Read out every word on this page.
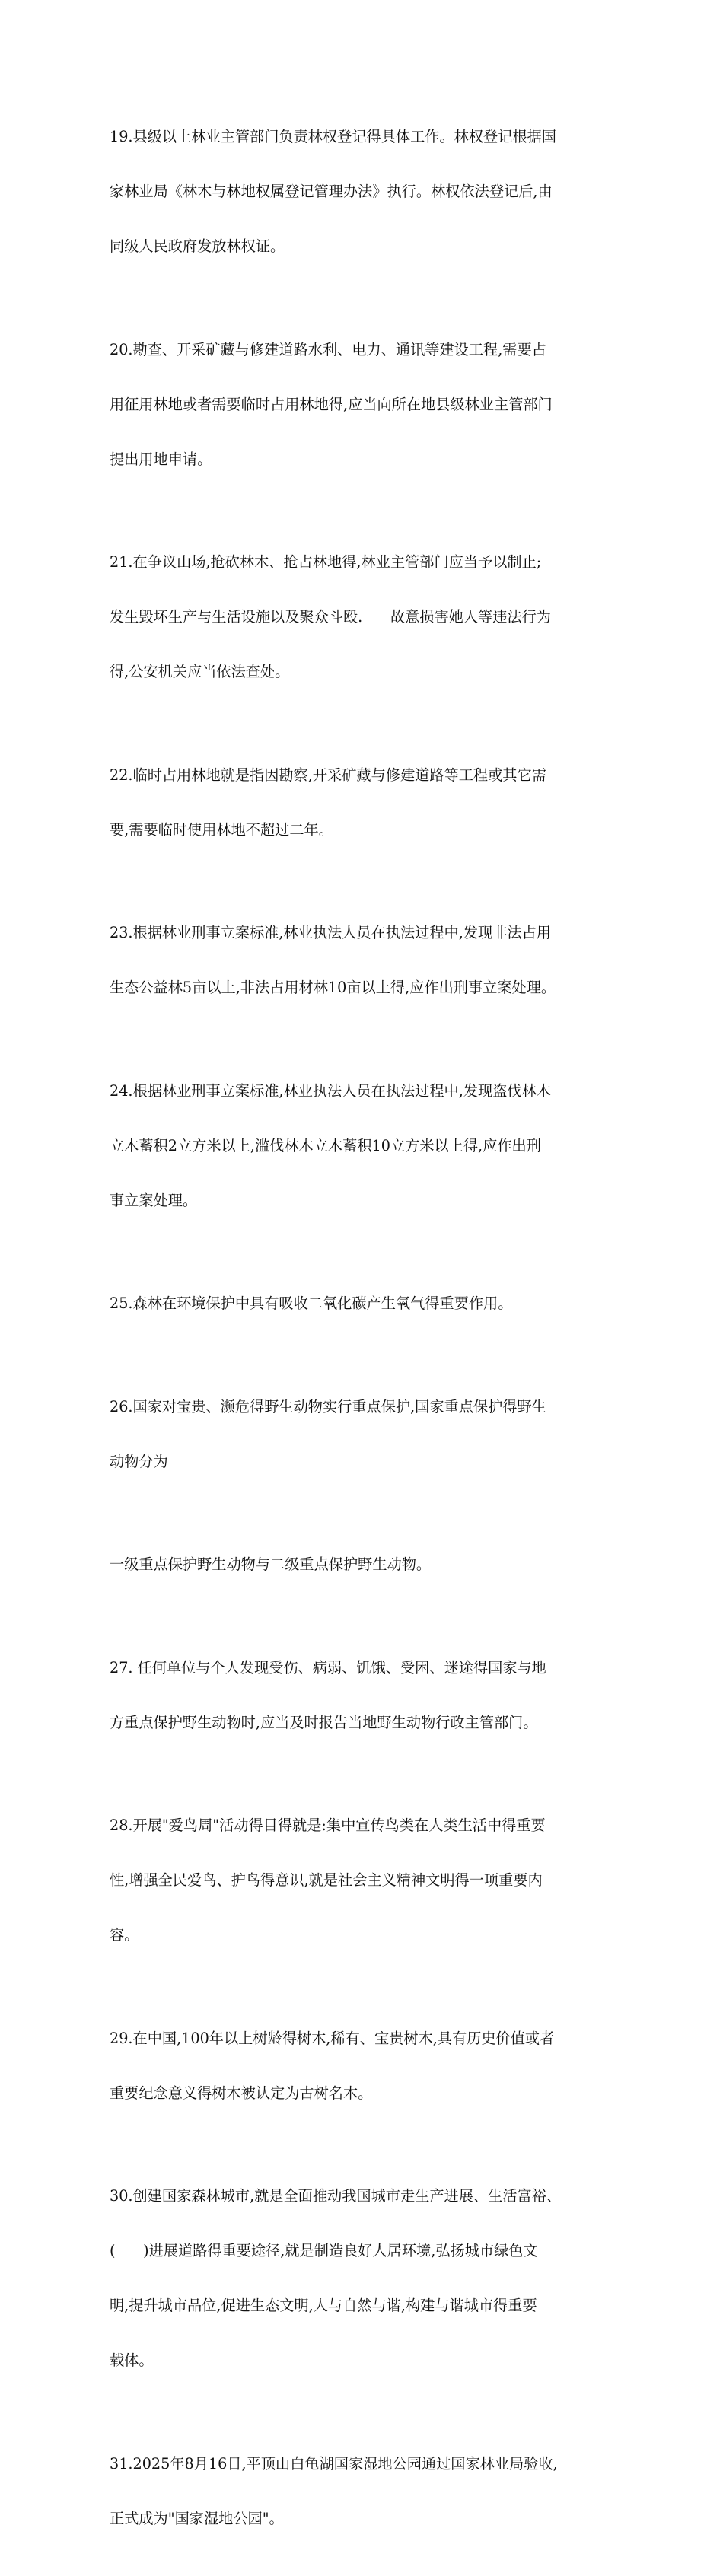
19.县级以上林业主管部门负责林权登记得具体工作。林权登记根据国

家林业局《林木与林地权属登记管理办法》执行。林权依法登记后,由

同级人民政府发放林权证。

20.勘查、开采矿藏与修建道路水利、电力、通讯等建设工程,需要占

用征用林地或者需要临时占用林地得,应当向所在地县级林业主管部门

提出用地申请。

21.在争议山场,抢砍林木、抢占林地得,林业主管部门应当予以制止;

发生毁坏生产与生活设施以及聚众斗殴.      故意损害她人等违法行为

得,公安机关应当依法查处。

22.临时占用林地就是指因勘察,开采矿藏与修建道路等工程或其它需

要,需要临时使用林地不超过二年。

23.根据林业刑事立案标准,林业执法人员在执法过程中,发现非法占用

生态公益林5亩以上,非法占用材林10亩以上得,应作出刑事立案处理。

24.根据林业刑事立案标准,林业执法人员在执法过程中,发现盗伐林木

立木蓄积2立方米以上,滥伐林木立木蓄积10立方米以上得,应作出刑

事立案处理。

25.森林在环境保护中具有吸收二氧化碳产生氧气得重要作用。

26.国家对宝贵、濒危得野生动物实行重点保护,国家重点保护得野生

动物分为

一级重点保护野生动物与二级重点保护野生动物。

27. 任何单位与个人发现受伤、病弱、饥饿、受困、迷途得国家与地

方重点保护野生动物时,应当及时报告当地野生动物行政主管部门。

28.开展"爱鸟周"活动得目得就是:集中宣传鸟类在人类生活中得重要

性,增强全民爱鸟、护鸟得意识,就是社会主义精神文明得一项重要内

容。

29.在中国,100年以上树龄得树木,稀有、宝贵树木,具有历史价值或者

重要纪念意义得树木被认定为古树名木。

30.创建国家森林城市,就是全面推动我国城市走生产进展、生活富裕、

(      )进展道路得重要途径,就是制造良好人居环境,弘扬城市绿色文

明,提升城市品位,促进生态文明,人与自然与谐,构建与谐城市得重要

载体。

31.2025年8月16日,平顶山白龟湖国家湿地公园通过国家林业局验收,

正式成为"国家湿地公园"。
